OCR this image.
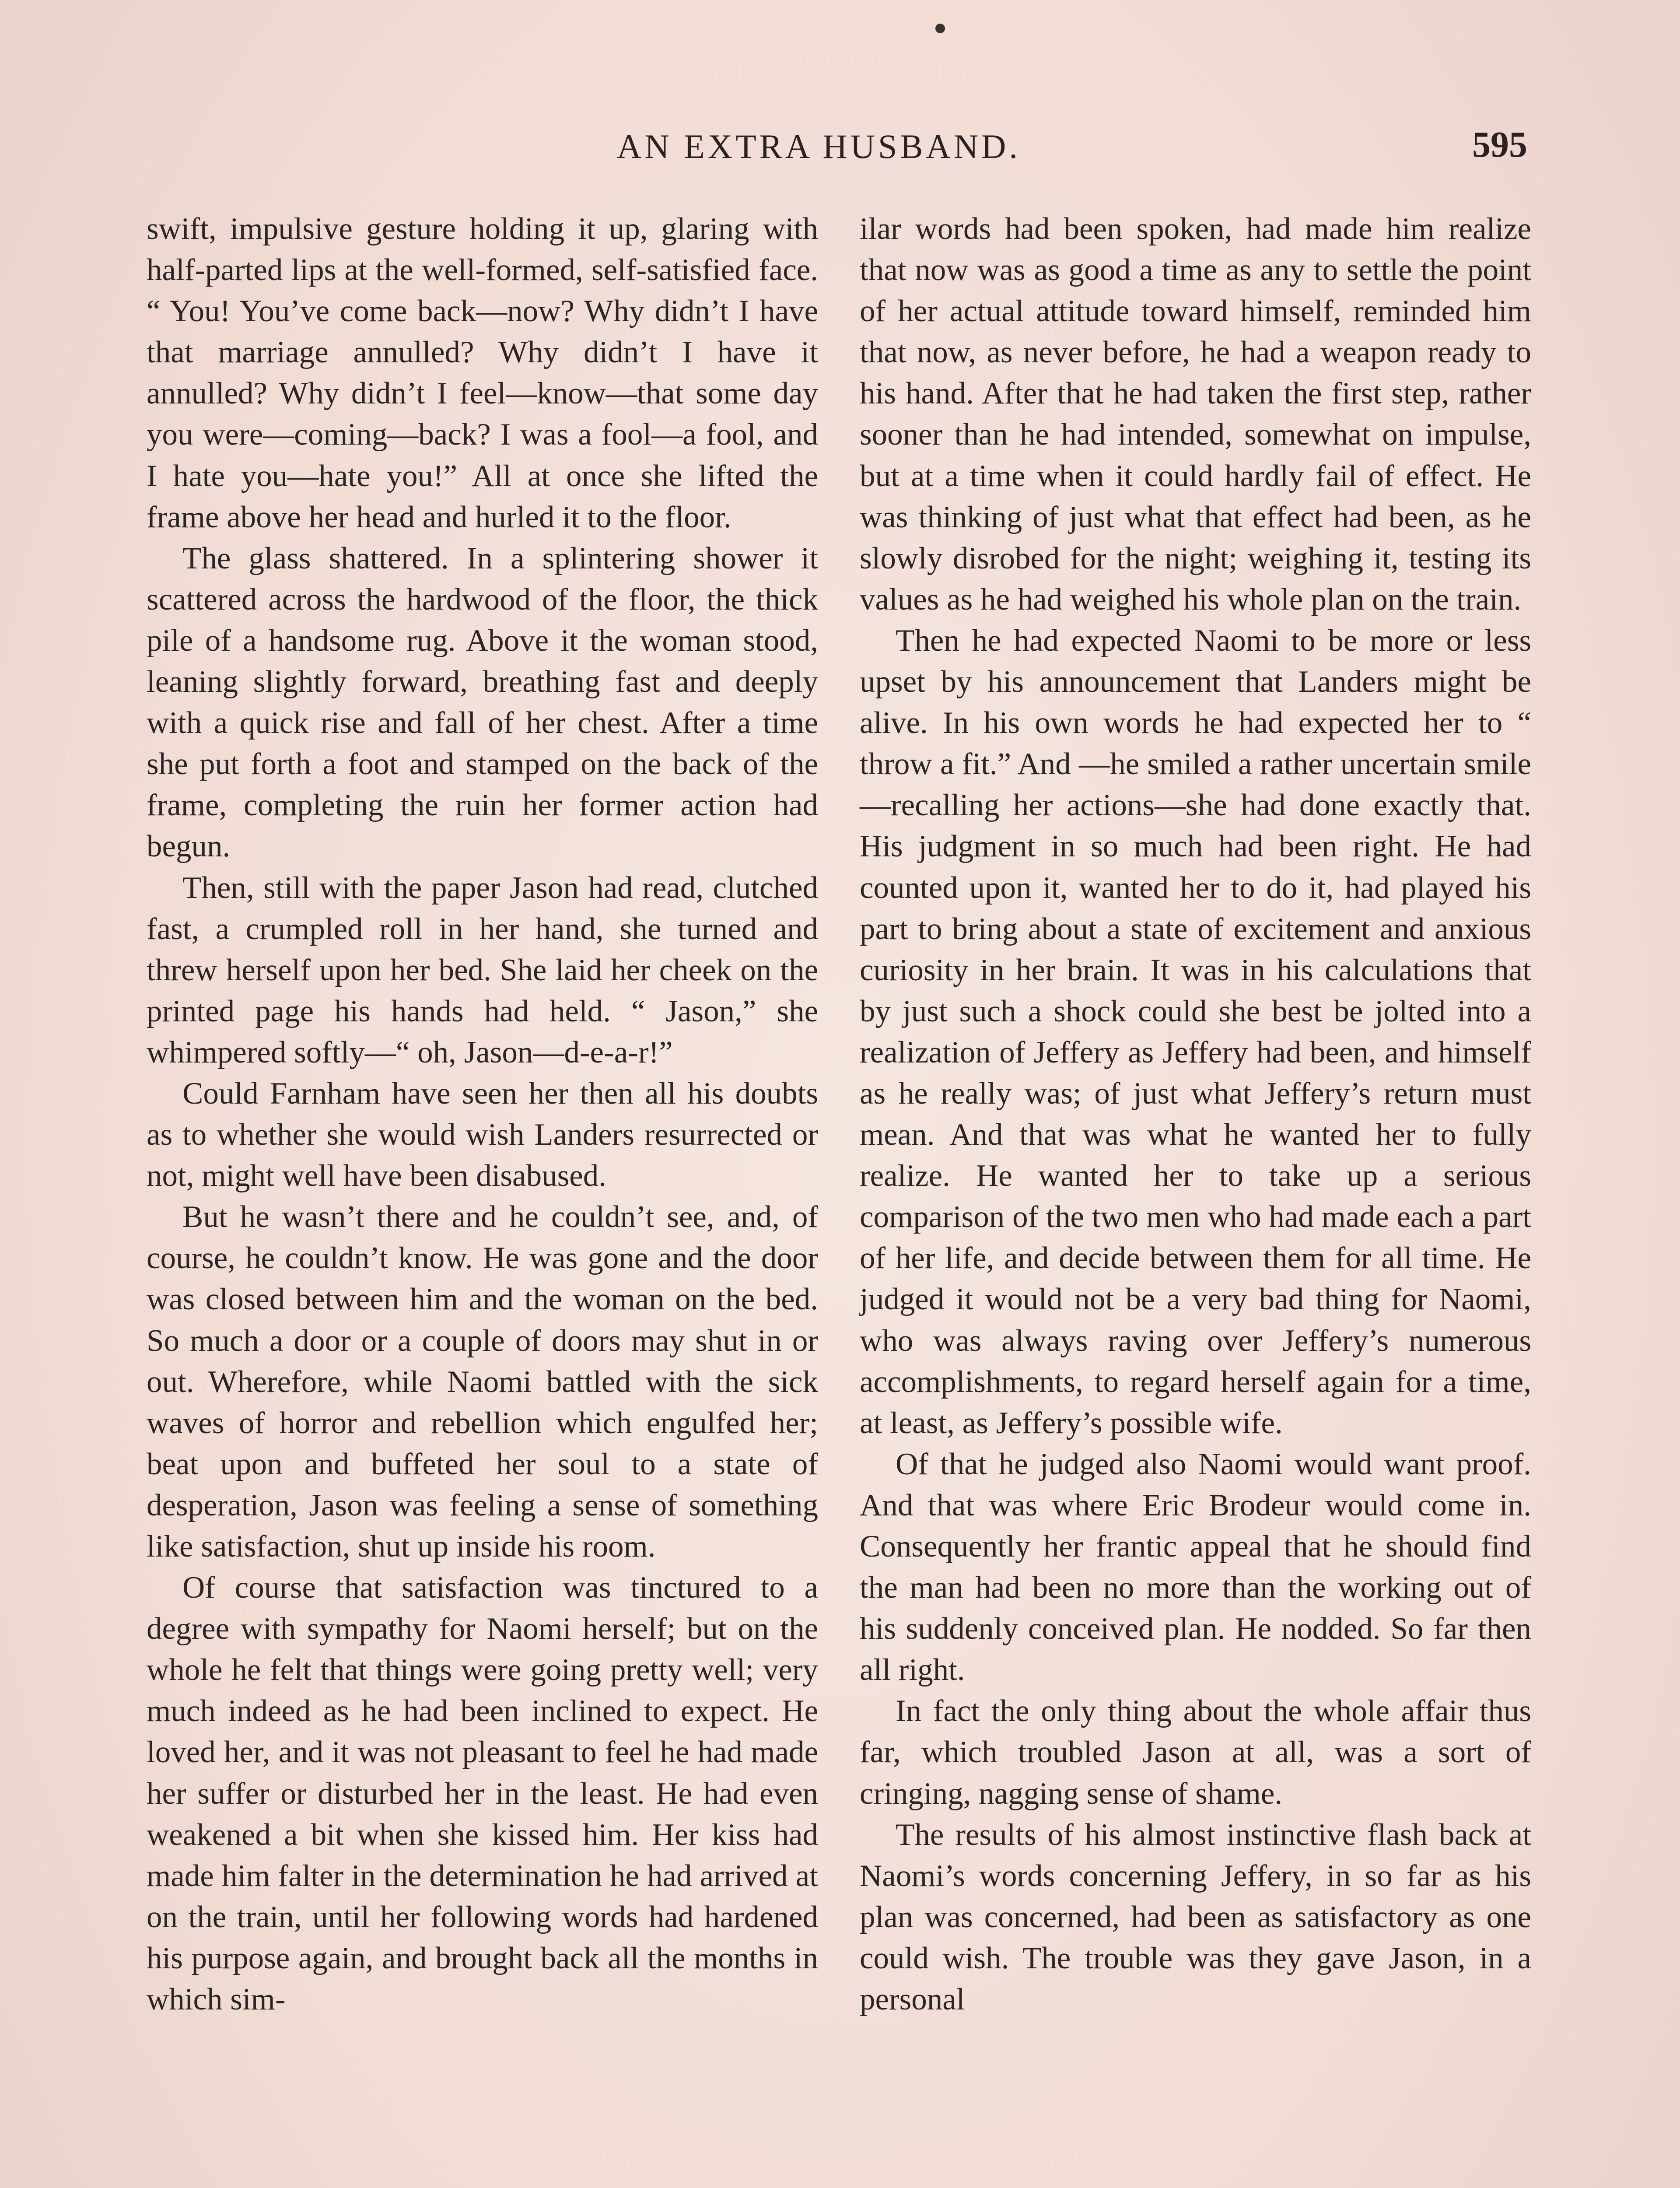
AN EXTRA HUSBAND.	595

swift, impulsive gesture holding it up, glaring with half-parted lips at the well-formed, self-satisfied face. “ You! You’ve come back—now? Why didn’t I have that marriage annulled? Why didn’t I have it annulled? Why didn’t I feel—know—that some day you were—coming—back? I was a fool—a fool, and I hate you—hate you!” All at once she lifted the frame above her head and hurled it to the floor.

The glass shattered. In a splintering shower it scattered across the hardwood of the floor, the thick pile of a handsome rug. Above it the woman stood, leaning slightly forward, breathing fast and deeply with a quick rise and fall of her chest. After a time she put forth a foot and stamped on the back of the frame, completing the ruin her former action had begun.

Then, still with the paper Jason had read, clutched fast, a crumpled roll in her hand, she turned and threw herself upon her bed. She laid her cheek on the printed page his hands had held. “ Jason,” she whimpered softly—“ oh, Jason—d-e-a-r!”

Could Farnham have seen her then all his doubts as to whether she would wish Landers resurrected or not, might well have been disabused.

But he wasn’t there and he couldn’t see, and, of course, he couldn’t know. He was gone and the door was closed between him and the woman on the bed. So much a door or a couple of doors may shut in or out. Wherefore, while Naomi battled with the sick waves of horror and rebellion which engulfed her; beat upon and buffeted her soul to a state of desperation, Jason was feeling a sense of something like satisfaction, shut up inside his room.

Of course that satisfaction was tinctured to a degree with sympathy for Naomi herself; but on the whole he felt that things were going pretty well; very much indeed as he had been inclined to expect. He loved her, and it was not pleasant to feel he had made her suffer or disturbed her in the least. He had even weakened a bit when she kissed him. Her kiss had made him falter in the determination he had arrived at on the train, until her following words had hardened his purpose again, and brought back all the months in which sim-

ilar words had been spoken, had made him realize that now was as good a time as any to settle the point of her actual attitude toward himself, reminded him that now, as never before, he had a weapon ready to his hand. After that he had taken the first step, rather sooner than he had intended, somewhat on impulse, but at a time when it could hardly fail of effect. He was thinking of just what that effect had been, as he slowly disrobed for the night; weighing it, testing its values as he had weighed his whole plan on the train.

Then he had expected Naomi to be more or less upset by his announcement that Landers might be alive. In his own words he had expected her to “ throw a fit.” And —he smiled a rather uncertain smile—recalling her actions—she had done exactly that. His judgment in so much had been right. He had counted upon it, wanted her to do it, had played his part to bring about a state of excitement and anxious curiosity in her brain. It was in his calculations that by just such a shock could she best be jolted into a realization of Jeffery as Jeffery had been, and himself as he really was; of just what Jeffery’s return must mean. And that was what he wanted her to fully realize. He wanted her to take up a serious comparison of the two men who had made each a part of her life, and decide between them for all time. He judged it would not be a very bad thing for Naomi, who was always raving over Jeffery’s numerous accomplishments, to regard herself again for a time, at least, as Jeffery’s possible wife.

Of that he judged also Naomi would want proof. And that was where Eric Brodeur would come in. Consequently her frantic appeal that he should find the man had been no more than the working out of his suddenly conceived plan. He nodded. So far then all right.

In fact the only thing about the whole affair thus far, which troubled Jason at all, was a sort of cringing, nagging sense of shame.

The results of his almost instinctive flash back at Naomi’s words concerning Jeffery, in so far as his plan was concerned, had been as satisfactory as one could wish. The trouble was they gave Jason, in a personal
